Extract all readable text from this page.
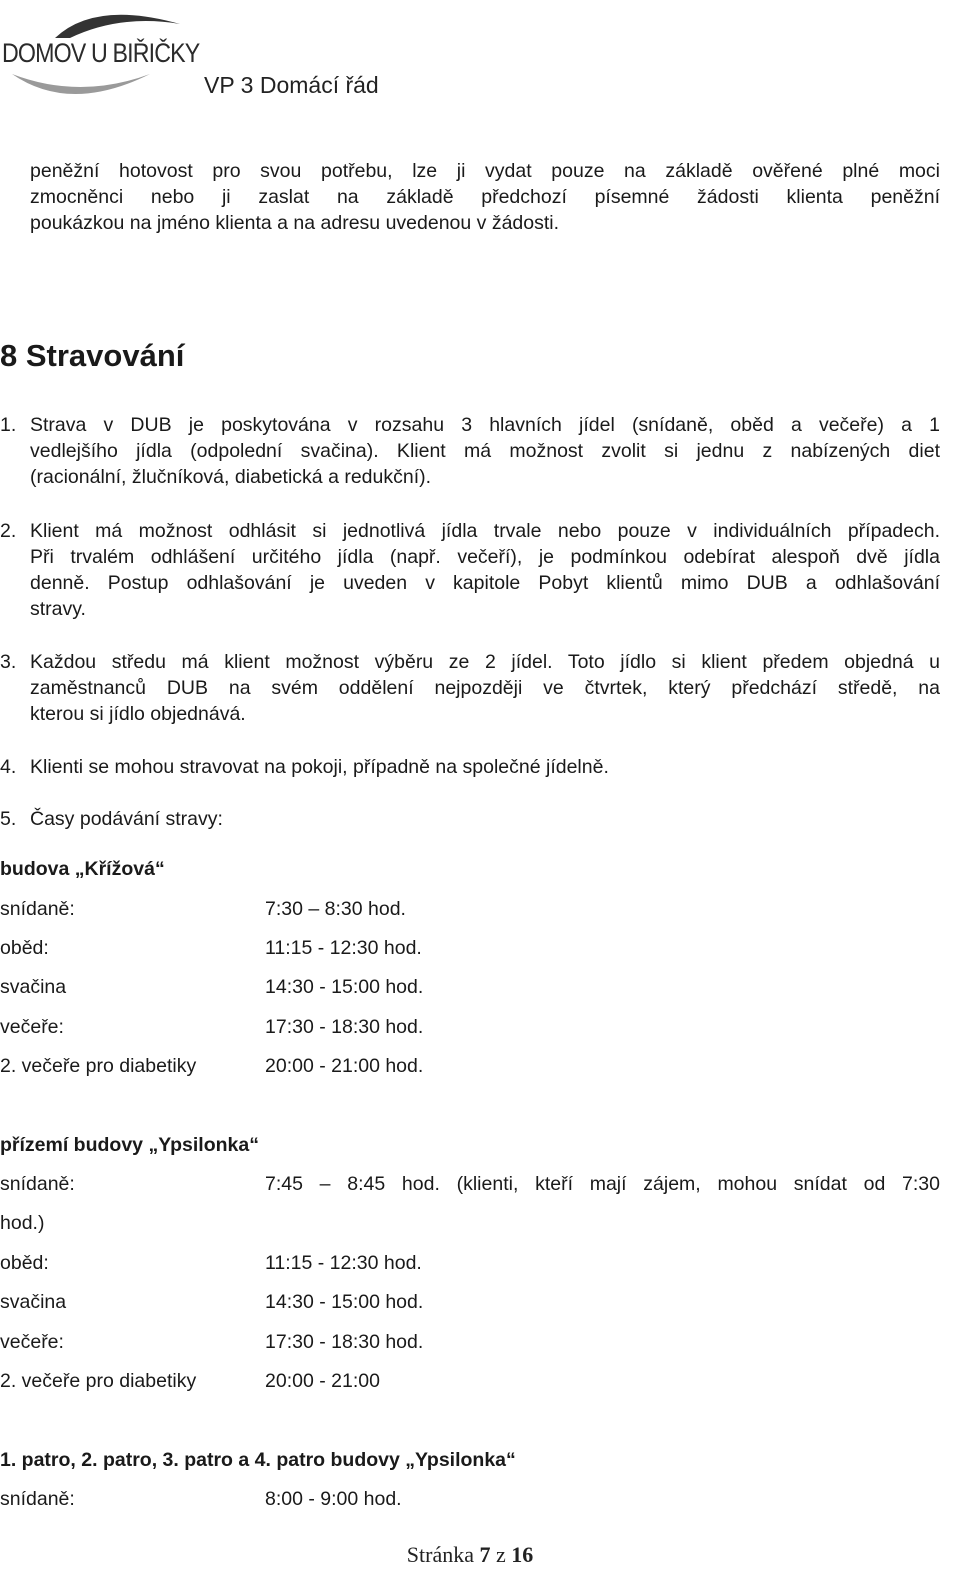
DOMOV U BIŘIČKY
VP 3 Domácí řád
peněžní hotovost pro svou potřebu, lze ji vydat pouze na základě ověřené plné moci
zmocněnci nebo ji zaslat na základě předchozí písemné žádosti klienta peněžní
poukázkou na jméno klienta a na adresu uvedenou v žádosti.
8 Stravování
1. Strava v DUB je poskytována v rozsahu 3 hlavních jídel (snídaně, oběd a večeře) a 1
vedlejšího jídla (odpolední svačina). Klient má možnost zvolit si jednu z nabízených diet
(racionální, žlučníková, diabetická a redukční).
2. Klient má možnost odhlásit si jednotlivá jídla trvale nebo pouze v individuálních případech.
Při trvalém odhlášení určitého jídla (např. večeří), je podmínkou odebírat alespoň dvě jídla
denně. Postup odhlašování je uveden v kapitole Pobyt klientů mimo DUB a odhlašování
stravy.
3. Každou středu má klient možnost výběru ze 2 jídel. Toto jídlo si klient předem objedná u
zaměstnanců DUB na svém oddělení nejpozději ve čtvrtek, který předchází středě, na
kterou si jídlo objednává.
4. Klienti se mohou stravovat na pokoji, případně na společné jídelně.
5. Časy podávání stravy:
budova „Křížová“
snídaně:	7:30 – 8:30 hod.
oběd:	11:15 - 12:30 hod.
svačina	14:30 - 15:00 hod.
večeře:	17:30 - 18:30 hod.
2. večeře pro diabetiky	20:00 - 21:00 hod.
přízemí budovy „Ypsilonka“
snídaně:	7:45 – 8:45 hod. (klienti, kteří mají zájem, mohou snídat od 7:30
hod.)
oběd:	11:15 - 12:30 hod.
svačina	14:30 - 15:00 hod.
večeře:	17:30 - 18:30 hod.
2. večeře pro diabetiky	20:00 - 21:00
1. patro, 2. patro, 3. patro a 4. patro budovy „Ypsilonka“
snídaně:	8:00 - 9:00 hod.
Stránka 7 z 16
